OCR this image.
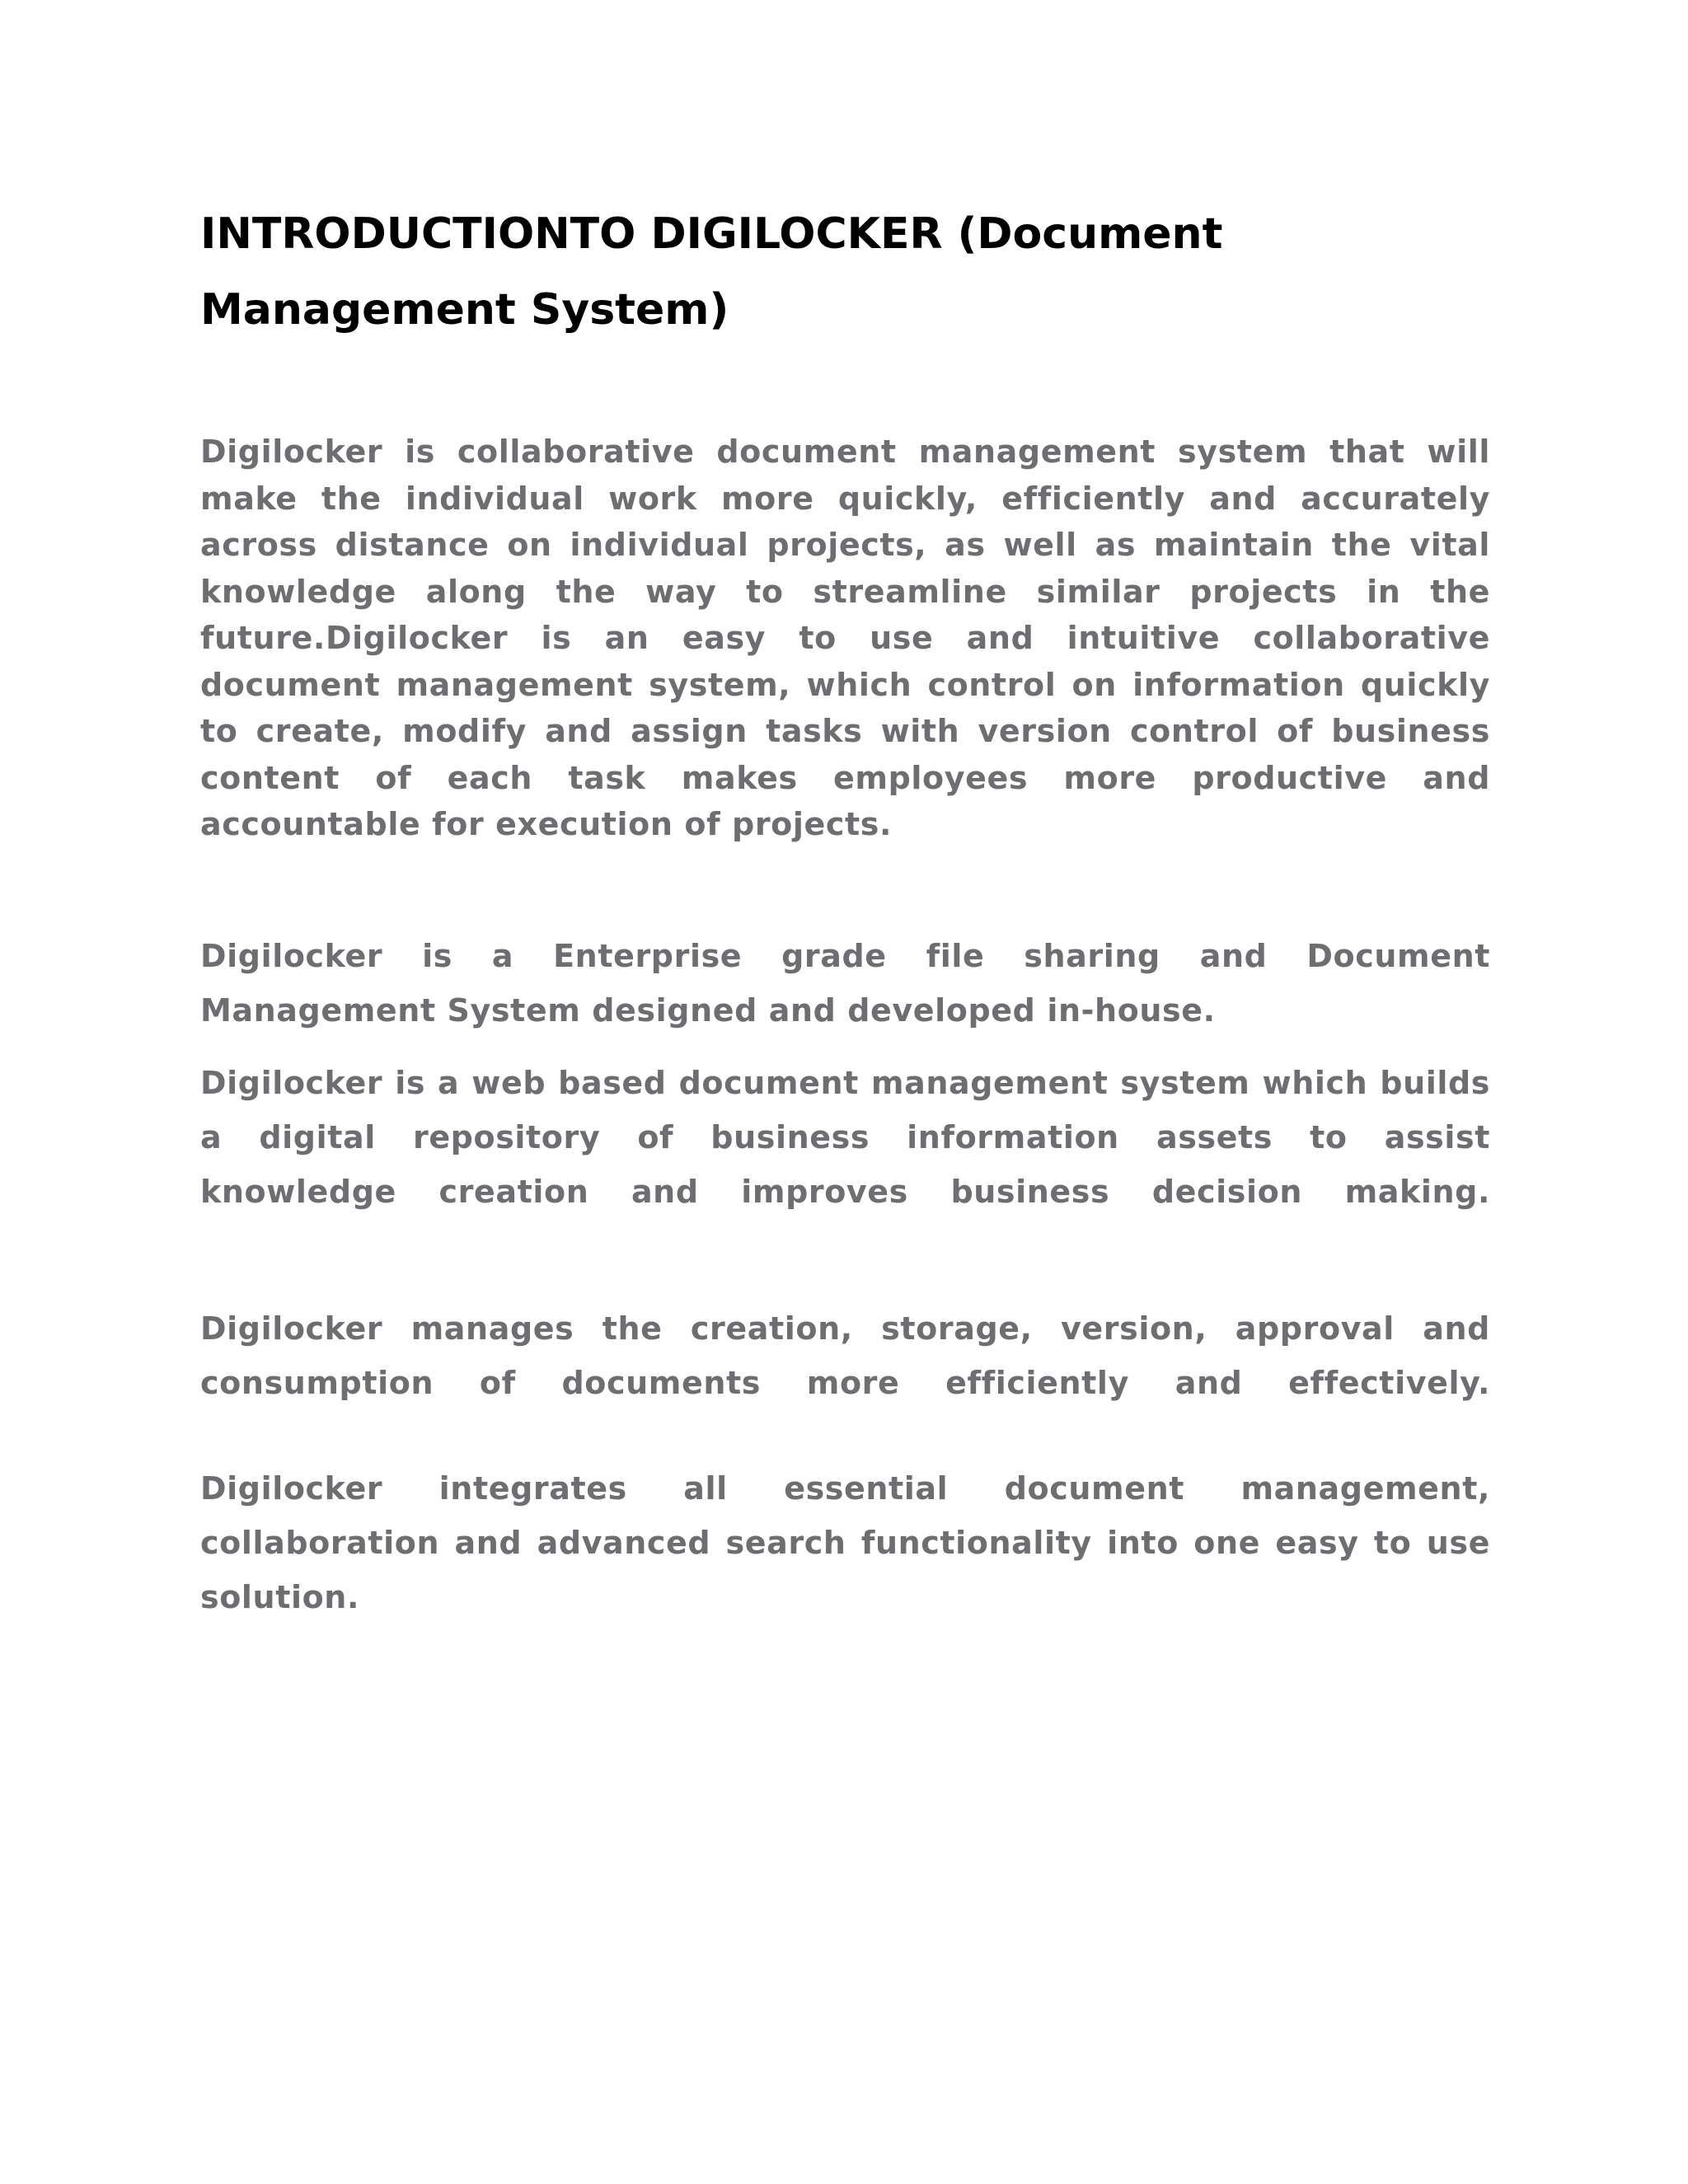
INTRODUCTIONTO DIGILOCKER (Document Management System)

Digilocker is collaborative document management system that will make the individual work more quickly, efficiently and accurately across distance on individual projects, as well as maintain the vital knowledge along the way to streamline similar projects in the future.Digilocker is an easy to use and intuitive collaborative document management system, which control on information quickly to create, modify and assign tasks with version control of business content of each task makes employees more productive and accountable for execution of projects.

Digilocker is a Enterprise grade file sharing and Document Management System designed and developed in-house.

Digilocker is a web based document management system which builds a digital repository of business information assets to assist knowledge creation and improves business decision making.

Digilocker manages the creation, storage, version, approval and consumption of documents more efficiently and effectively.

Digilocker integrates all essential document management, collaboration and advanced search functionality into one easy to use solution.
